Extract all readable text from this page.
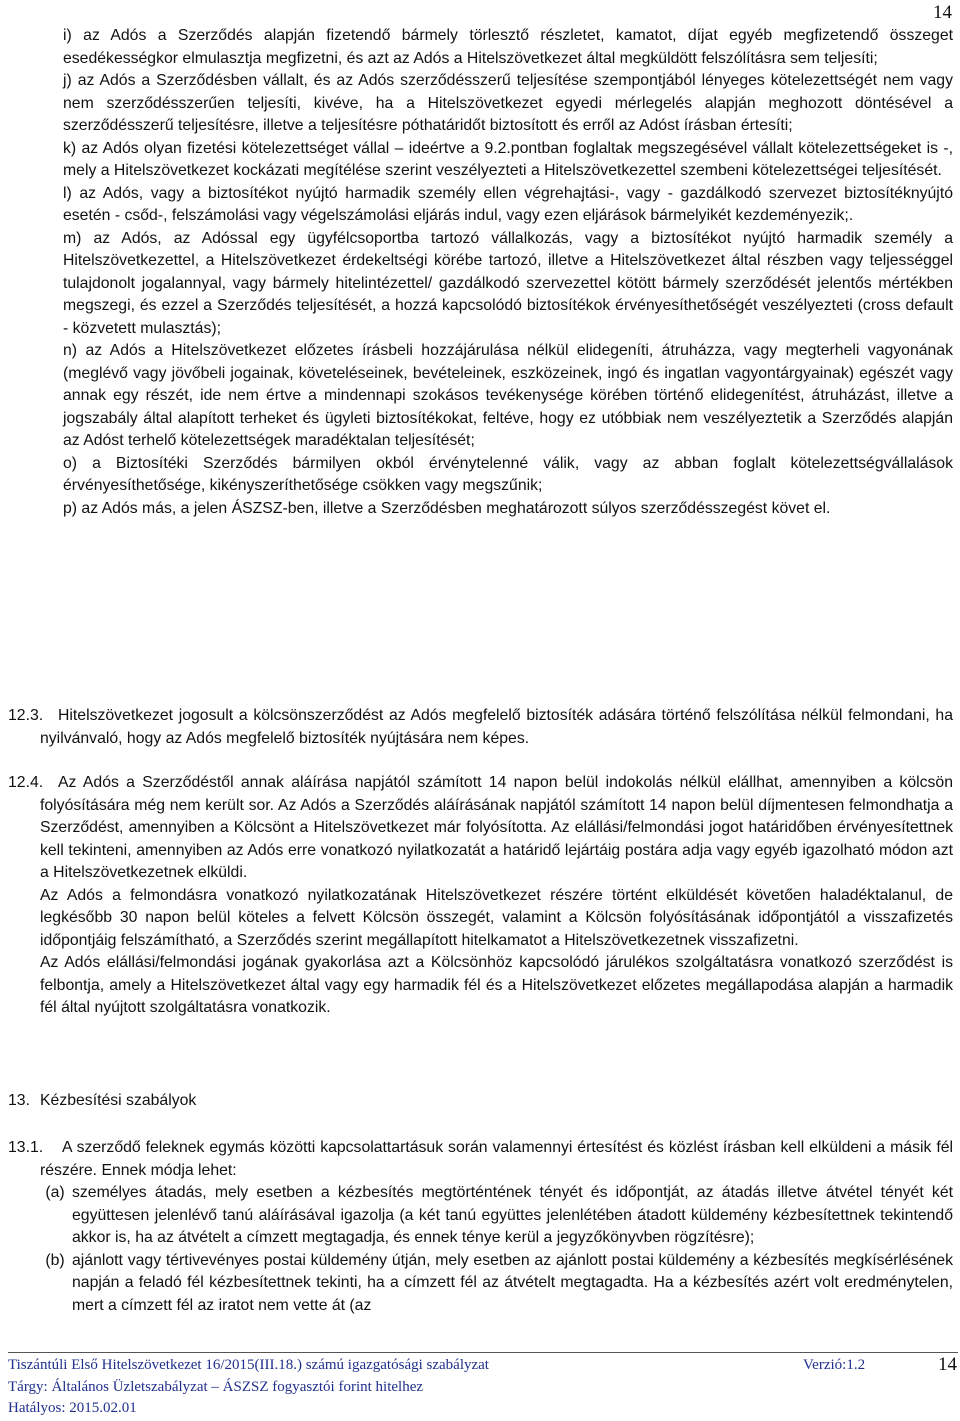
14

i) az Adós a Szerződés alapján fizetendő bármely törlesztő részletet, kamatot, díjat egyéb megfizetendő összeget esedékességkor elmulasztja megfizetni, és azt az Adós a Hitelszövetkezet által megküldött felszólításra sem teljesíti;

j) az Adós a Szerződésben vállalt, és az Adós szerződésszerű teljesítése szempontjából lényeges kötelezettségét nem vagy nem szerződésszerűen teljesíti, kivéve, ha a Hitelszövetkezet egyedi mérlegelés alapján meghozott döntésével a szerződésszerű teljesítésre, illetve a teljesítésre póthatáridőt biztosított és erről az Adóst írásban értesíti;

k) az Adós olyan fizetési kötelezettséget vállal – ideértve a 9.2.pontban foglaltak megszegésével vállalt kötelezettségeket is -, mely a Hitelszövetkezet kockázati megítélése szerint veszélyezteti a Hitelszövetkezettel szembeni kötelezettségei teljesítését.

l) az Adós, vagy a biztosítékot nyújtó harmadik személy ellen végrehajtási-, vagy - gazdálkodó szervezet biztosítéknyújtó esetén - csőd-, felszámolási vagy végelszámolási eljárás indul, vagy ezen eljárások bármelyikét kezdeményezik;.

m) az Adós, az Adóssal egy ügyfélcsoportba tartozó vállalkozás, vagy a biztosítékot nyújtó harmadik személy a Hitelszövetkezettel, a Hitelszövetkezet érdekeltségi körébe tartozó, illetve a Hitelszövetkezet által részben vagy teljességgel tulajdonolt jogalannyal, vagy bármely hitelintézettel/ gazdálkodó szervezettel kötött bármely szerződését jelentős mértékben megszegi, és ezzel a Szerződés teljesítését, a hozzá kapcsolódó biztosítékok érvényesíthetőségét veszélyezteti (cross default - közvetett mulasztás);

n) az Adós a Hitelszövetkezet előzetes írásbeli hozzájárulása nélkül elidegeníti, átruházza, vagy megterheli vagyonának (meglévő vagy jövőbeli jogainak, követeléseinek, bevételeinek, eszközeinek, ingó és ingatlan vagyontárgyainak) egészét vagy annak egy részét, ide nem értve a mindennapi szokásos tevékenysége körében történő elidegenítést, átruházást, illetve a jogszabály által alapított terheket és ügyleti biztosítékokat, feltéve, hogy ez utóbbiak nem veszélyeztetik a Szerződés alapján az Adóst terhelő kötelezettségek maradéktalan teljesítését;

o) a Biztosítéki Szerződés bármilyen okból érvénytelenné válik, vagy az abban foglalt kötelezettségvállalások érvényesíthetősége, kikényszeríthetősége csökken vagy megszűnik;

p) az Adós más, a jelen ÁSZSZ-ben, illetve a Szerződésben meghatározott súlyos szerződésszegést követ el.

12.3. Hitelszövetkezet jogosult a kölcsönszerződést az Adós megfelelő biztosíték adására történő felszólítása nélkül felmondani, ha nyilvánvaló, hogy az Adós megfelelő biztosíték nyújtására nem képes.

12.4. Az Adós a Szerződéstől annak aláírása napjától számított 14 napon belül indokolás nélkül elállhat, amennyiben a kölcsön folyósítására még nem került sor. Az Adós a Szerződés aláírásának napjától számított 14 napon belül díjmentesen felmondhatja a Szerződést, amennyiben a Kölcsönt a Hitelszövetkezet már folyósította. Az elállási/felmondási jogot határidőben érvényesítettnek kell tekinteni, amennyiben az Adós erre vonatkozó nyilatkozatát a határidő lejártáig postára adja vagy egyéb igazolható módon azt a Hitelszövetkezetnek elküldi.

Az Adós a felmondásra vonatkozó nyilatkozatának Hitelszövetkezet részére történt elküldését követően haladéktalanul, de legkésőbb 30 napon belül köteles a felvett Kölcsön összegét, valamint a Kölcsön folyósításának időpontjától a visszafizetés időpontjáig felszámítható, a Szerződés szerint megállapított hitelkamatot a Hitelszövetkezetnek visszafizetni.

Az Adós elállási/felmondási jogának gyakorlása azt a Kölcsönhöz kapcsolódó járulékos szolgáltatásra vonatkozó szerződést is felbontja, amely a Hitelszövetkezet által vagy egy harmadik fél és a Hitelszövetkezet előzetes megállapodása alapján a harmadik fél által nyújtott szolgáltatásra vonatkozik.

13. Kézbesítési szabályok

13.1.	A szerződő feleknek egymás közötti kapcsolattartásuk során valamennyi értesítést és közlést írásban kell elküldeni a másik fél részére. Ennek módja lehet:

(a) személyes átadás, mely esetben a kézbesítés megtörténtének tényét és időpontját, az átadás illetve átvétel tényét két együttesen jelenlévő tanú aláírásával igazolja (a két tanú együttes jelenlétében átadott küldemény kézbesítettnek tekintendő akkor is, ha az átvételt a címzett megtagadja, és ennek ténye kerül a jegyzőkönyvben rögzítésre);

(b) ajánlott vagy tértivevényes postai küldemény útján, mely esetben az ajánlott postai küldemény a kézbesítés megkísérlésének napján a feladó fél kézbesítettnek tekinti, ha a címzett fél az átvételt megtagadta. Ha a kézbesítés azért volt eredménytelen, mert a címzett fél az iratot nem vette át (az

Tiszántúli Első Hitelszövetkezet 16/2015(III.18.) számú igazgatósági szabályzat	Verzió:1.2	14
Tárgy: Általános Üzletszabályzat – ÁSZSZ fogyasztói forint hitelhez
Hatályos: 2015.02.01
